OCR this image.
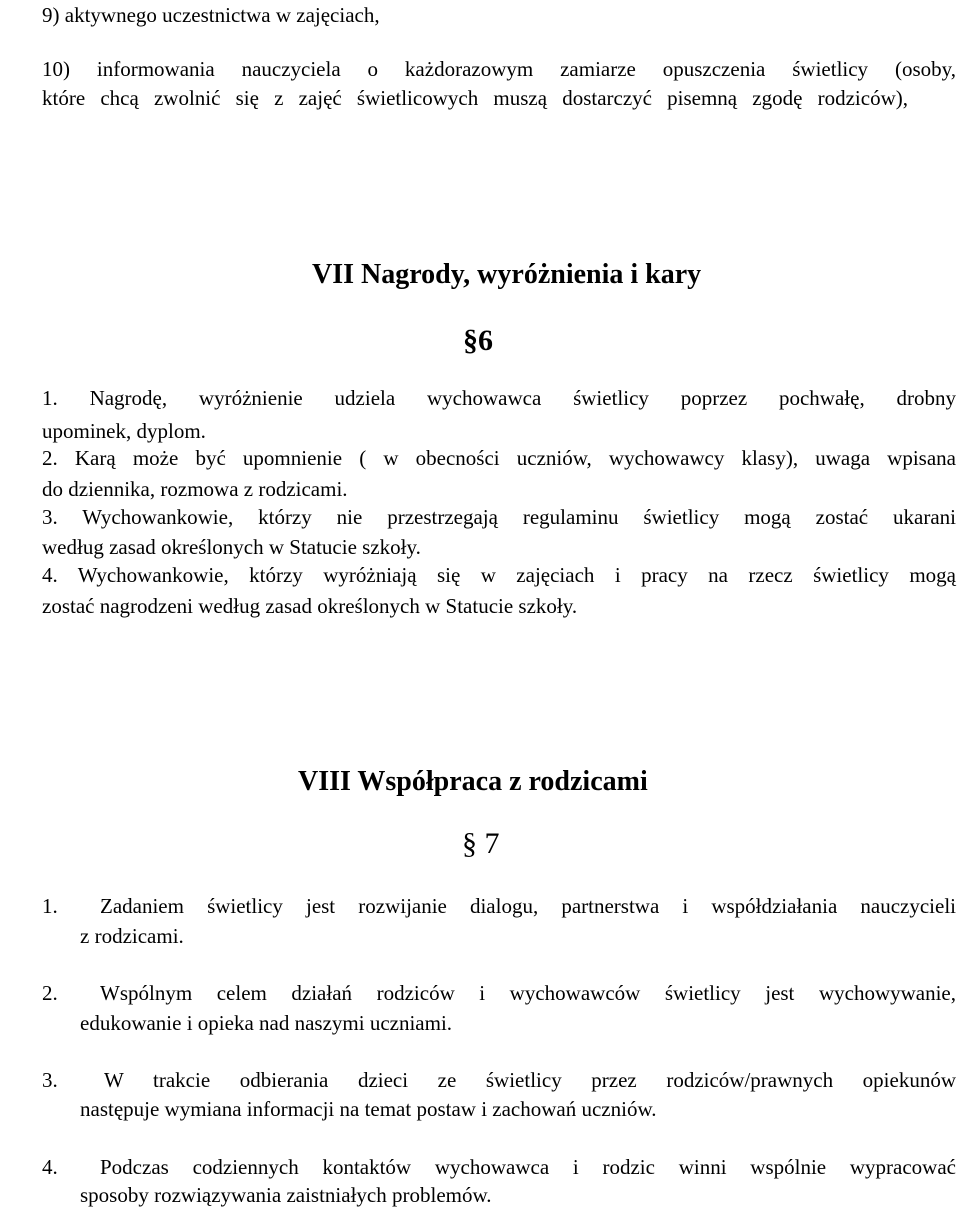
9) aktywnego uczestnictwa w zajęciach,
10) informowania nauczyciela o każdorazowym zamiarze opuszczenia świetlicy (osoby,
które chcą zwolnić się z zajęć świetlicowych muszą dostarczyć pisemną zgodę rodziców),
VII Nagrody, wyróżnienia i kary
§6
1. Nagrodę, wyróżnienie udziela wychowawca świetlicy poprzez pochwałę, drobny
upominek, dyplom.
2. Karą może być upomnienie ( w obecności uczniów, wychowawcy klasy), uwaga wpisana
do dziennika, rozmowa z rodzicami.
3. Wychowankowie, którzy nie przestrzegają regulaminu świetlicy mogą zostać ukarani
według zasad określonych w Statucie szkoły.
4. Wychowankowie, którzy wyróżniają się w zajęciach i pracy na rzecz świetlicy mogą
zostać nagrodzeni według zasad określonych w Statucie szkoły.
VIII Współpraca z rodzicami
§ 7
1. Zadaniem świetlicy jest rozwijanie dialogu, partnerstwa i współdziałania nauczycieli
z rodzicami.
2. Wspólnym celem działań rodziców i wychowawców świetlicy jest wychowywanie,
edukowanie i opieka nad naszymi uczniami.
3. W trakcie odbierania dzieci ze świetlicy przez rodziców/prawnych opiekunów
następuje wymiana informacji na temat postaw i zachowań uczniów.
4. Podczas codziennych kontaktów wychowawca i rodzic winni wspólnie wypracować
sposoby rozwiązywania zaistniałych problemów.
